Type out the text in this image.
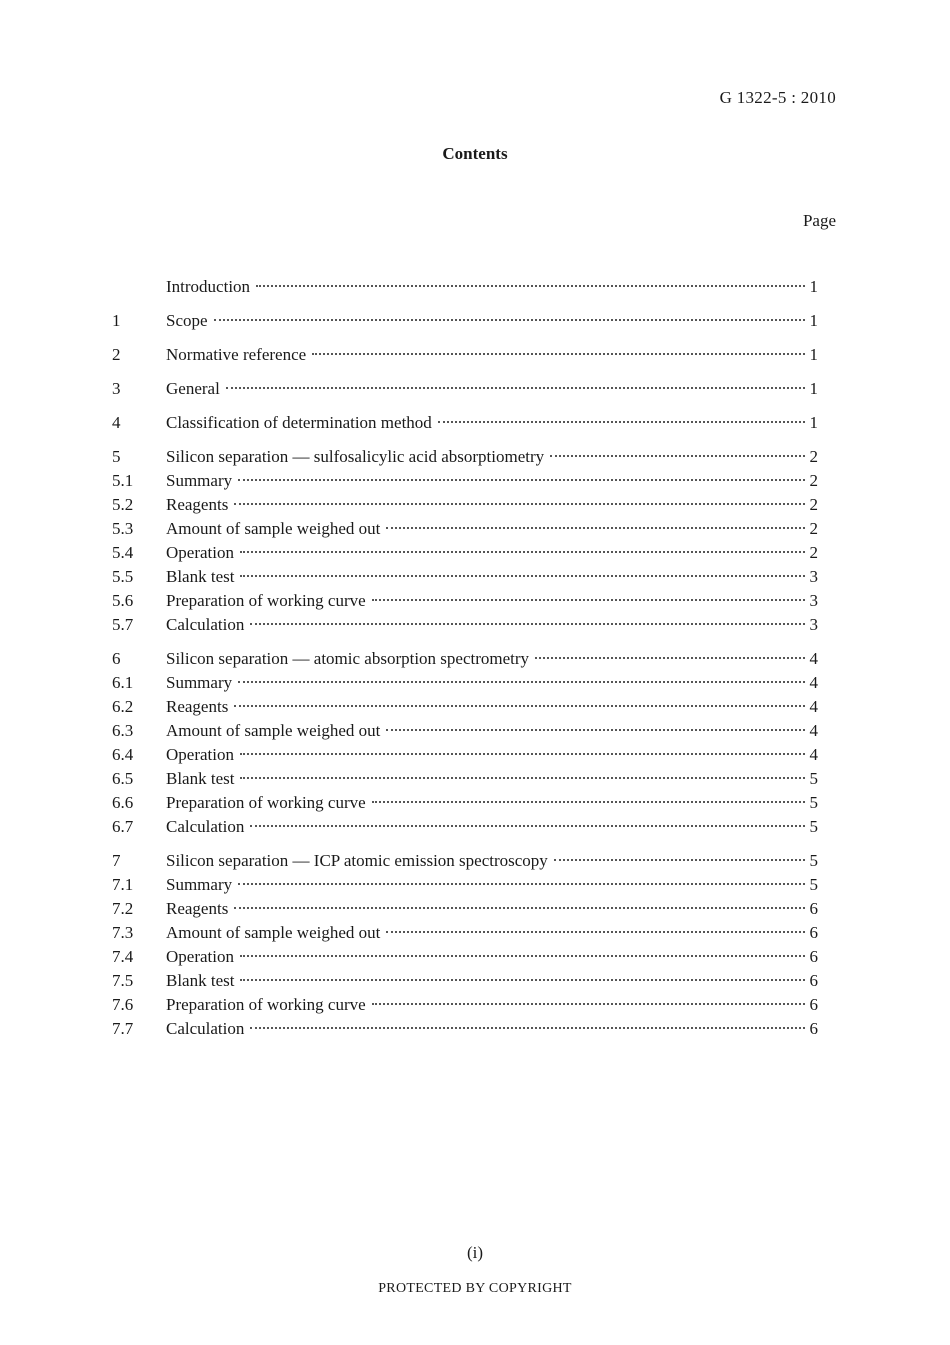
G 1322-5 : 2010
Contents
Page
Introduction	1
1	Scope	1
2	Normative reference	1
3	General	1
4	Classification of determination method	1
5	Silicon separation — sulfosalicylic acid absorptiometry	2
5.1	Summary	2
5.2	Reagents	2
5.3	Amount of sample weighed out	2
5.4	Operation	2
5.5	Blank test	3
5.6	Preparation of working curve	3
5.7	Calculation	3
6	Silicon separation — atomic absorption spectrometry	4
6.1	Summary	4
6.2	Reagents	4
6.3	Amount of sample weighed out	4
6.4	Operation	4
6.5	Blank test	5
6.6	Preparation of working curve	5
6.7	Calculation	5
7	Silicon separation — ICP atomic emission spectroscopy	5
7.1	Summary	5
7.2	Reagents	6
7.3	Amount of sample weighed out	6
7.4	Operation	6
7.5	Blank test	6
7.6	Preparation of working curve	6
7.7	Calculation	6
(i)
PROTECTED BY COPYRIGHT
